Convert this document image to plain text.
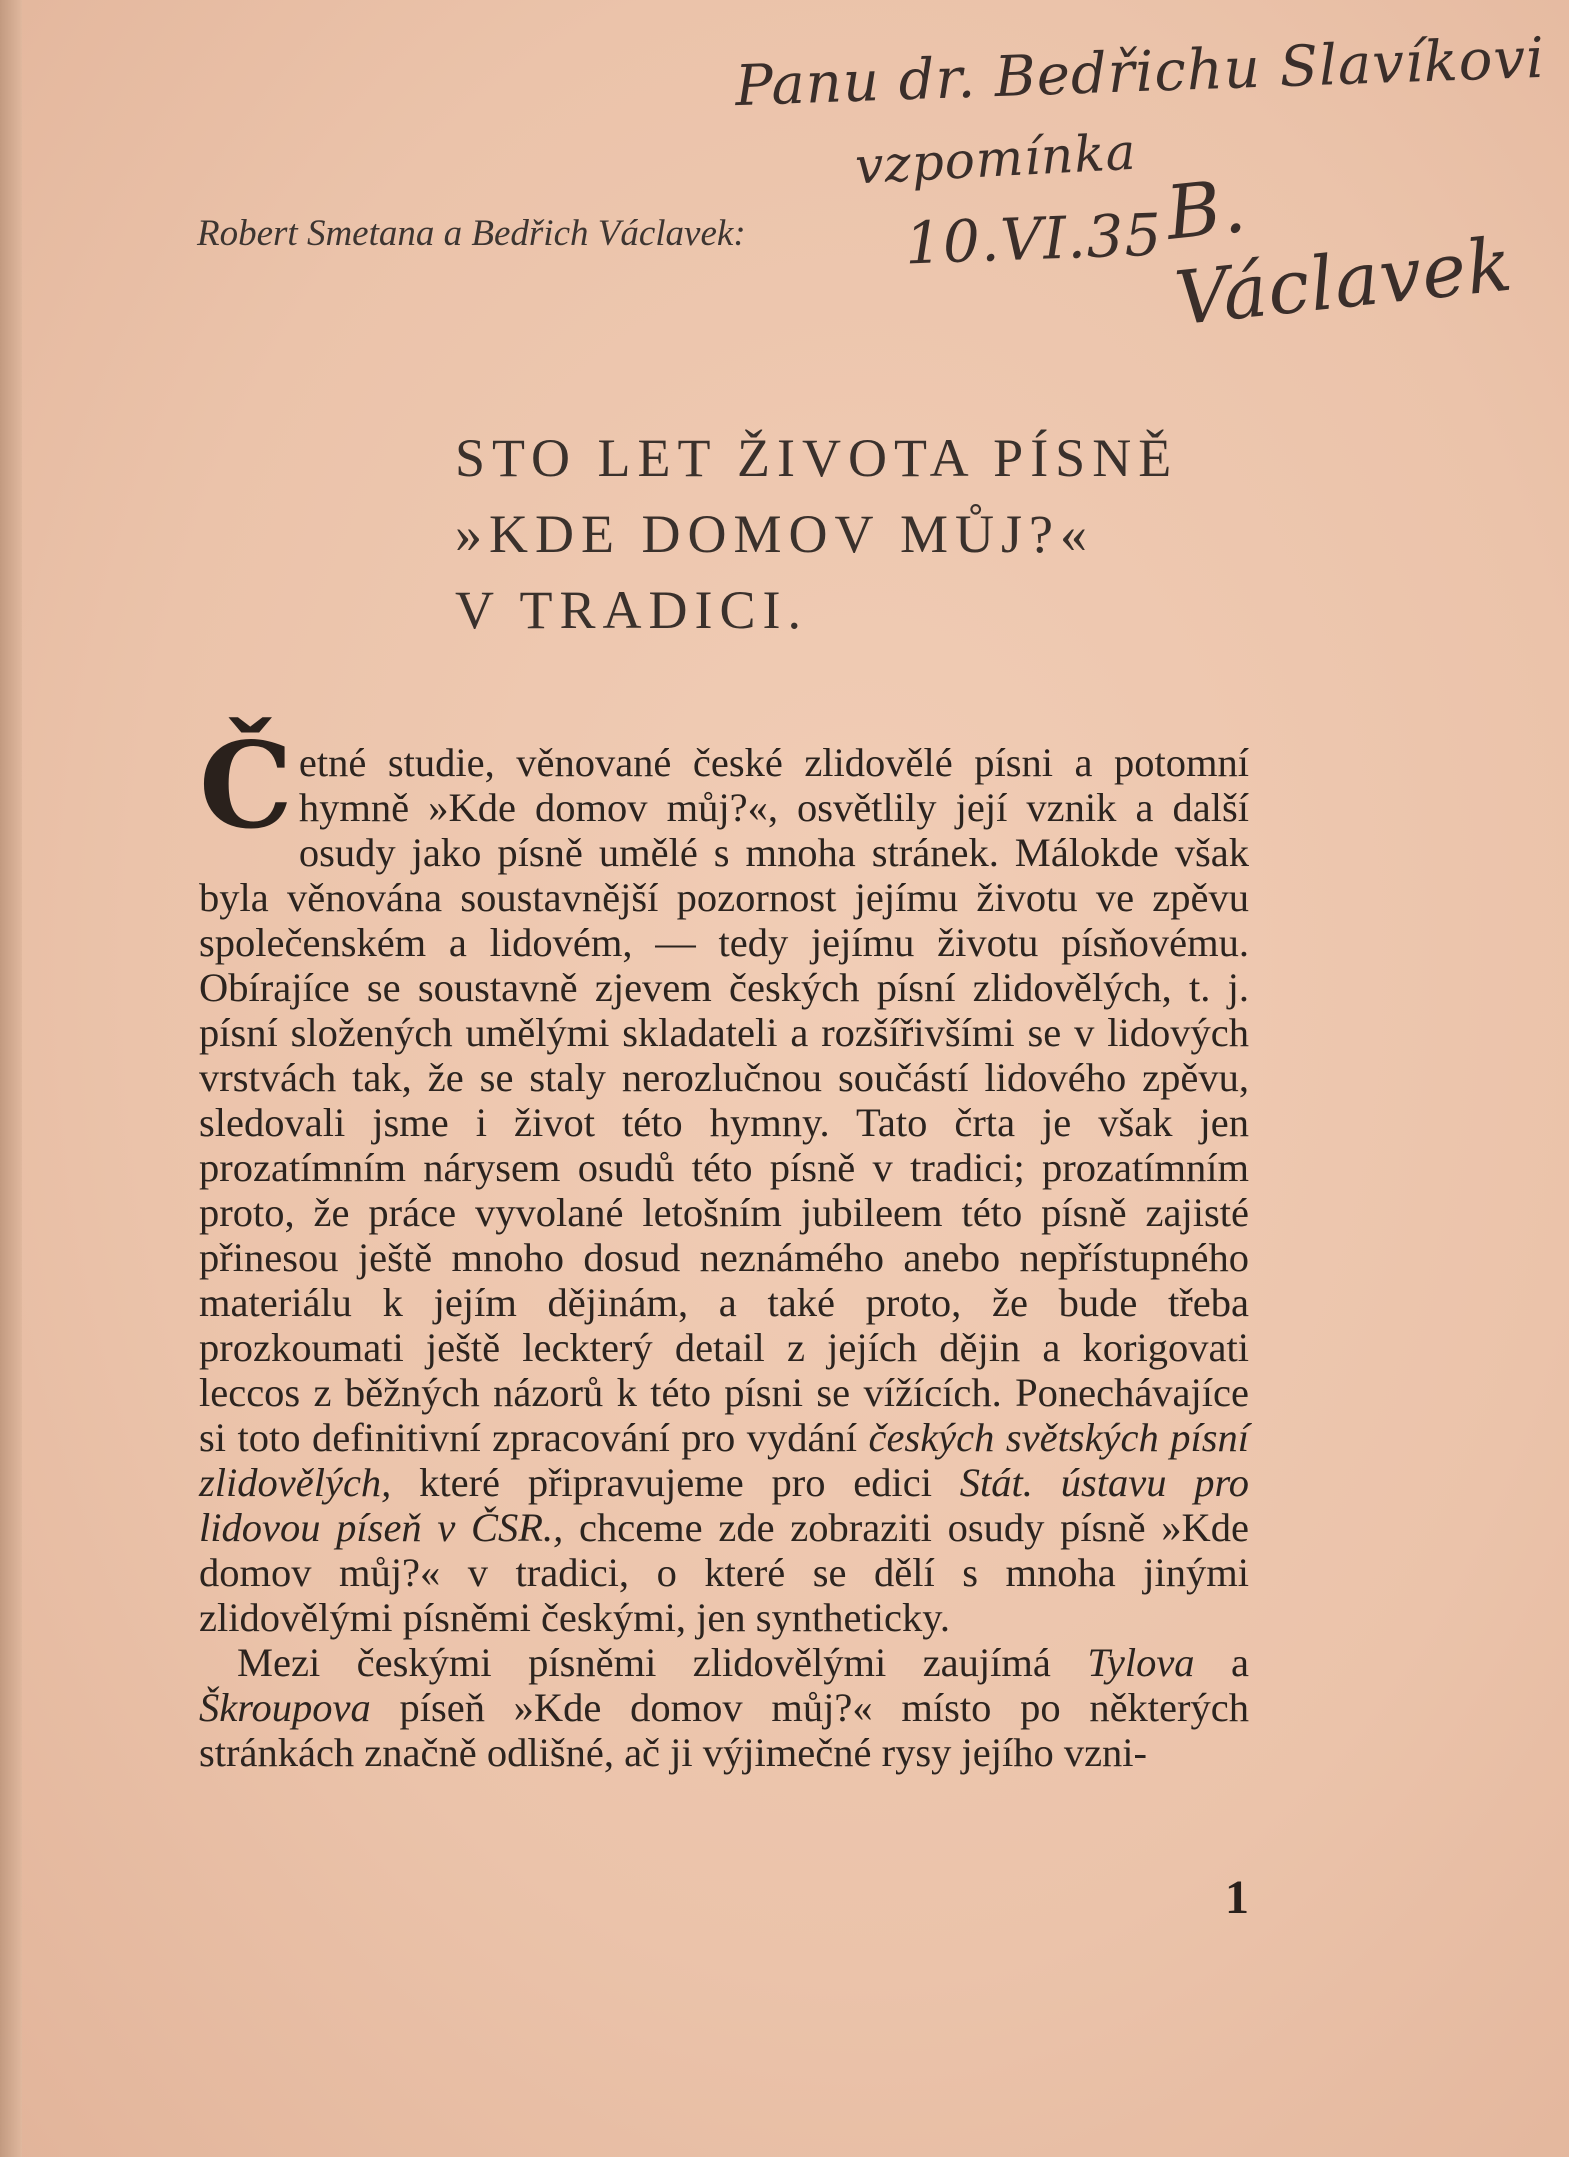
Panu dr. Bedřichu Slavíkovi
vzpomínka
10.VI.35
B. Václavek
Robert Smetana a Bedřich Václavek:
STO LET ŽIVOTA PÍSNĚ
»KDE DOMOV MŮJ?«
V TRADICI.

Četné studie, věnované české zlidovělé písni a potomní hymně »Kde domov můj?«, osvětlily její vznik a další osudy jako písně umělé s mnoha stránek. Málokde však byla věnována soustavnější pozornost jejímu životu ve zpěvu společenském a lidovém, — tedy jejímu životu písňovému. Obírajíce se soustavně zjevem českých písní zlidovělých, t. j. písní složených umělými skladateli a rozšířivšími se v lidových vrstvách tak, že se staly nerozlučnou součástí lidového zpěvu, sledovali jsme i život této hymny. Tato črta je však jen prozatímním nárysem osudů této písně v tradici; prozatímním proto, že práce vyvolané letošním jubileem této písně zajisté přinesou ještě mnoho dosud neznámého anebo nepřístupného materiálu k jejím dějinám, a také proto, že bude třeba prozkoumati ještě leckterý detail z jejích dějin a korigovati leccos z běžných názorů k této písni se vížících. Ponechávajíce si toto definitivní zpracování pro vydání českých světských písní zlidovělých, které připravujeme pro edici Stát. ústavu pro lidovou píseň v ČSR., chceme zde zobraziti osudy písně »Kde domov můj?« v tradici, o které se dělí s mnoha jinými zlidovělými písněmi českými, jen syntheticky.

Mezi českými písněmi zlidovělými zaujímá Tylova a Škroupova píseň »Kde domov můj?« místo po některých stránkách značně odlišné, ač ji výjimečné rysy jejího vzni-

1
